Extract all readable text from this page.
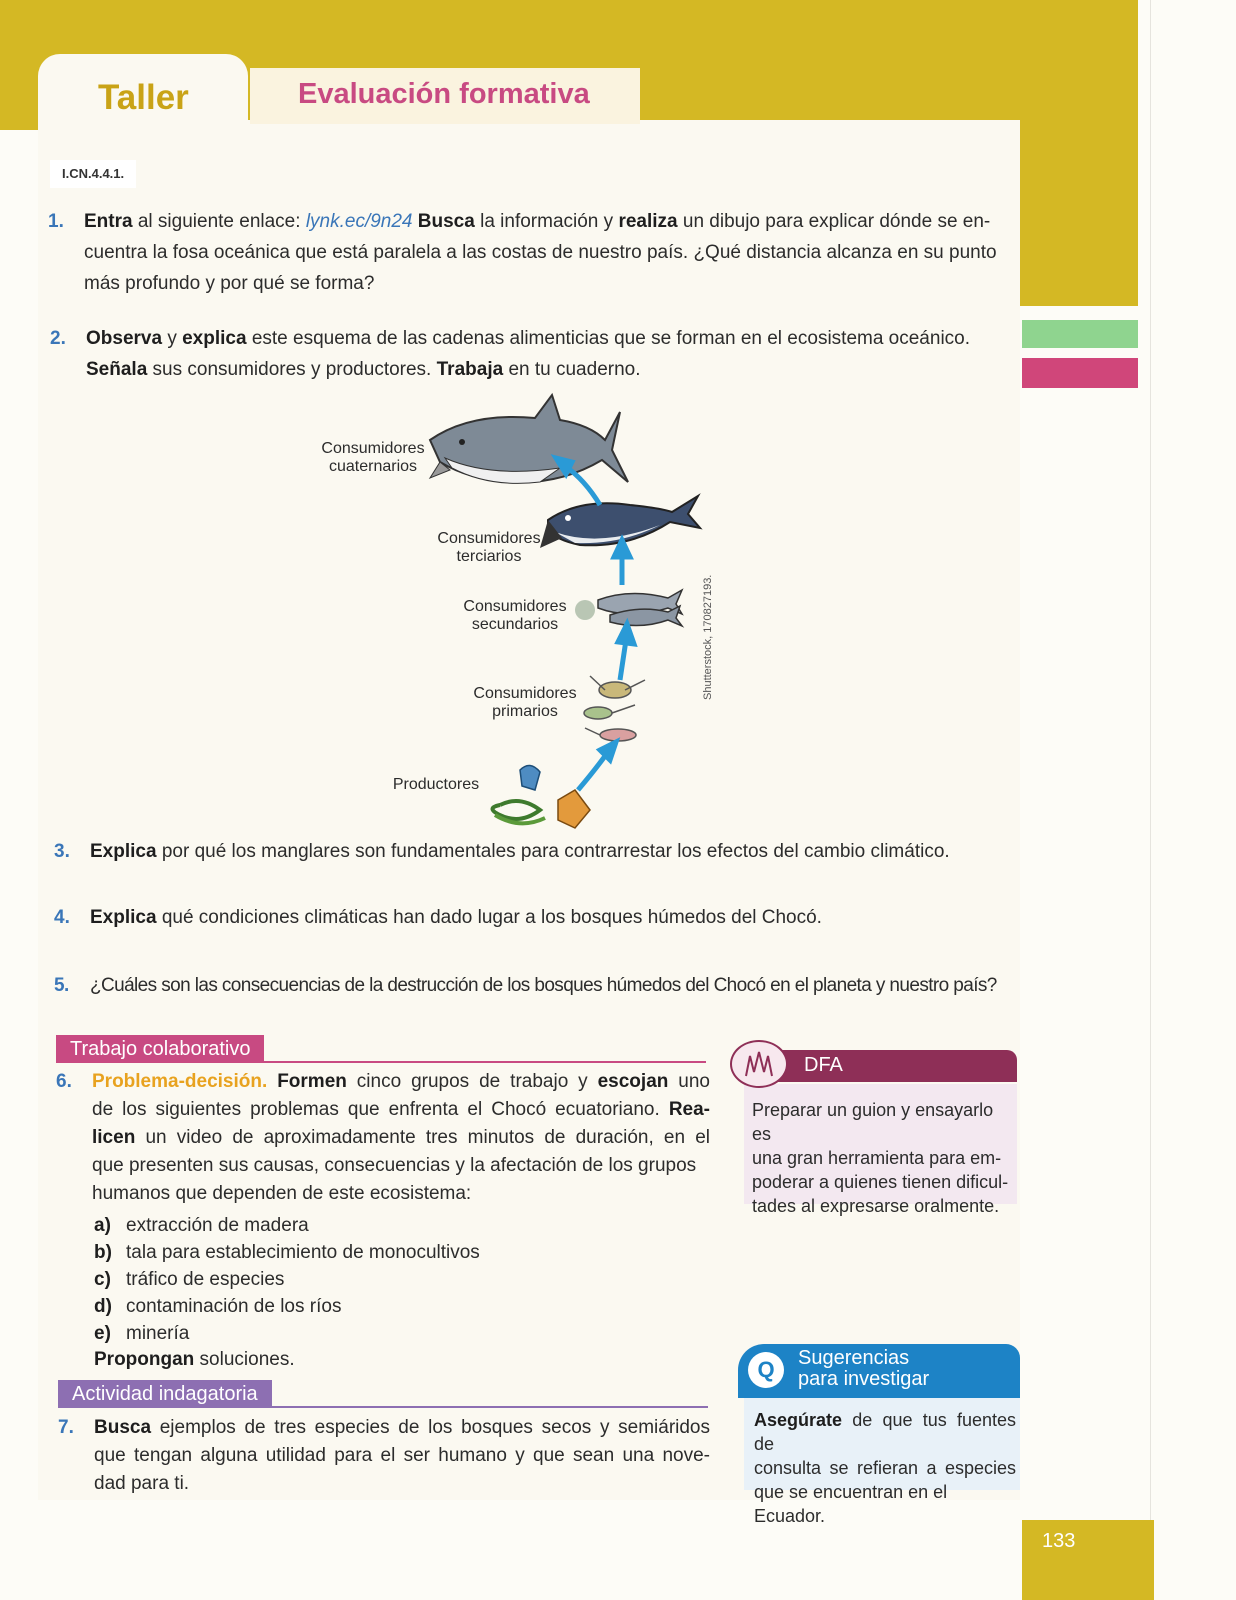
Taller	Evaluación formativa
I.CN.4.4.1.
1. Entra al siguiente enlace: lynk.ec/9n24 Busca la información y realiza un dibujo para explicar dónde se en-
cuentra la fosa oceánica que está paralela a las costas de nuestro país. ¿Qué distancia alcanza en su punto
más profundo y por qué se forma?
2. Observa y explica este esquema de las cadenas alimenticias que se forman en el ecosistema oceánico.
Señala sus consumidores y productores. Trabaja en tu cuaderno.
Consumidores
cuaternarios
Consumidores
terciarios
Consumidores
secundarios
Consumidores
primarios
Productores
Shutterstock, 170827193.
3. Explica por qué los manglares son fundamentales para contrarrestar los efectos del cambio climático.
4. Explica qué condiciones climáticas han dado lugar a los bosques húmedos del Chocó.
5. ¿Cuáles son las consecuencias de la destrucción de los bosques húmedos del Chocó en el planeta y nuestro país?
Trabajo colaborativo
6. Problema-decisión. Formen cinco grupos de trabajo y escojan uno
de los siguientes problemas que enfrenta el Chocó ecuatoriano. Rea-
licen un video de aproximadamente tres minutos de duración, en el
que presenten sus causas, consecuencias y la afectación de los grupos
humanos que dependen de este ecosistema:
a) extracción de madera
b) tala para establecimiento de monocultivos
c) tráfico de especies
d) contaminación de los ríos
e) minería
Propongan soluciones.
Actividad indagatoria
7. Busca ejemplos de tres especies de los bosques secos y semiáridos
que tengan alguna utilidad para el ser humano y que sean una nove-
dad para ti.
DFA
Preparar un guion y ensayarlo es
una gran herramienta para em-
poderar a quienes tienen dificul-
tades al expresarse oralmente.
Sugerencias
para investigar
Q
Asegúrate de que tus fuentes de
consulta se refieran a especies
que se encuentran en el Ecuador.
133
